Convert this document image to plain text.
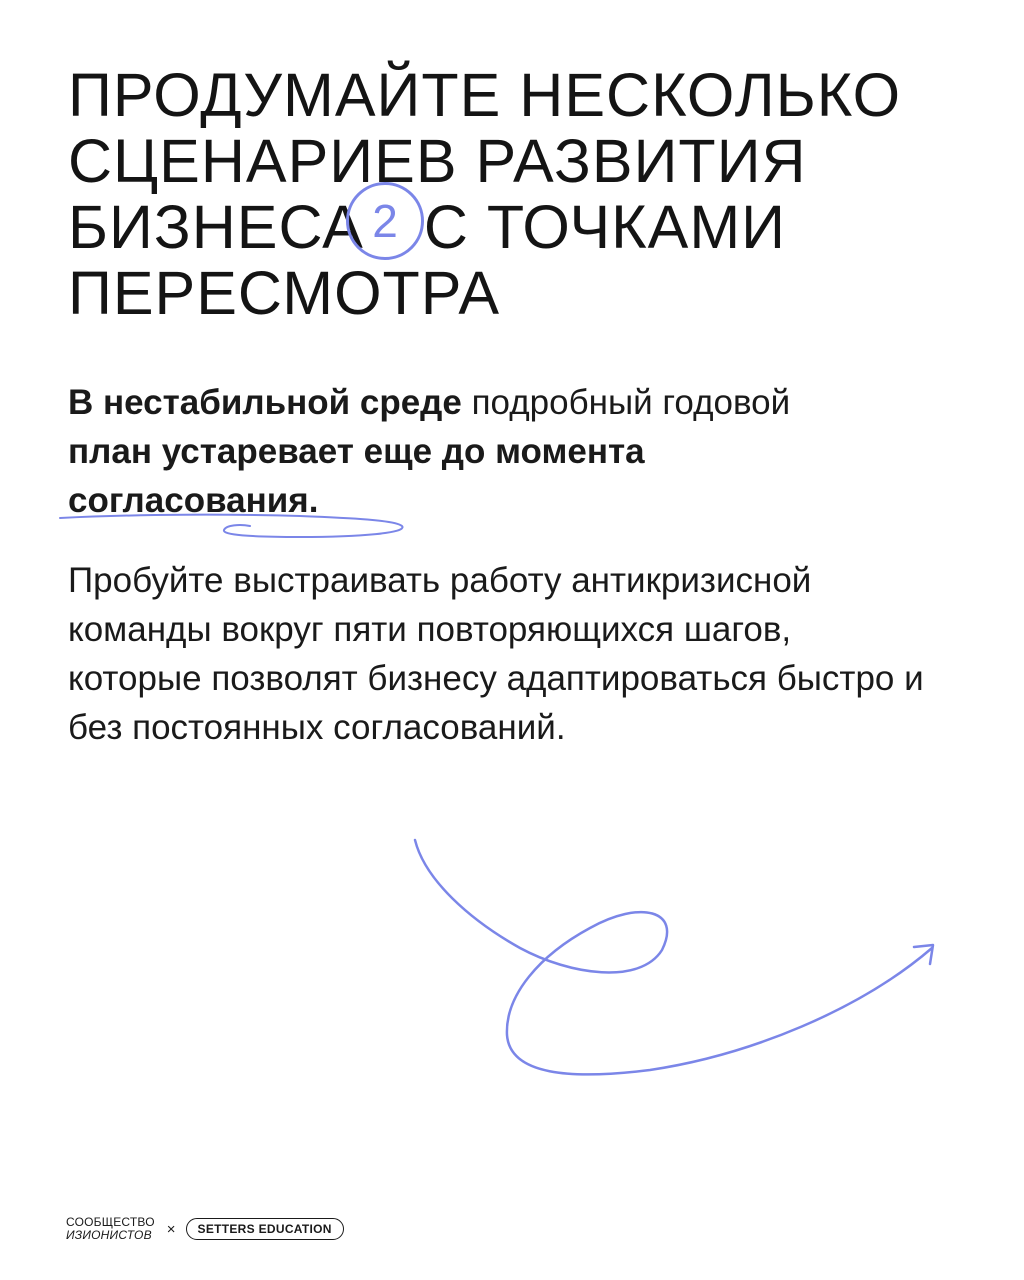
ПРОДУМАЙТЕ НЕСКОЛЬКО
СЦЕНАРИЕВ РАЗВИТИЯ
БИЗНЕСА С ТОЧКАМИ
ПЕРЕСМОТРА
2

В нестабильной среде подробный годовой план устаревает еще до момента согласования.

Пробуйте выстраивать работу антикризисной команды вокруг пяти повторяющихся шагов, которые позволят бизнесу адаптироваться быстро и без постоянных согласований.

СООБЩЕСТВО
ИЗИОНИСТОВ ×	SETTERS EDUCATION
